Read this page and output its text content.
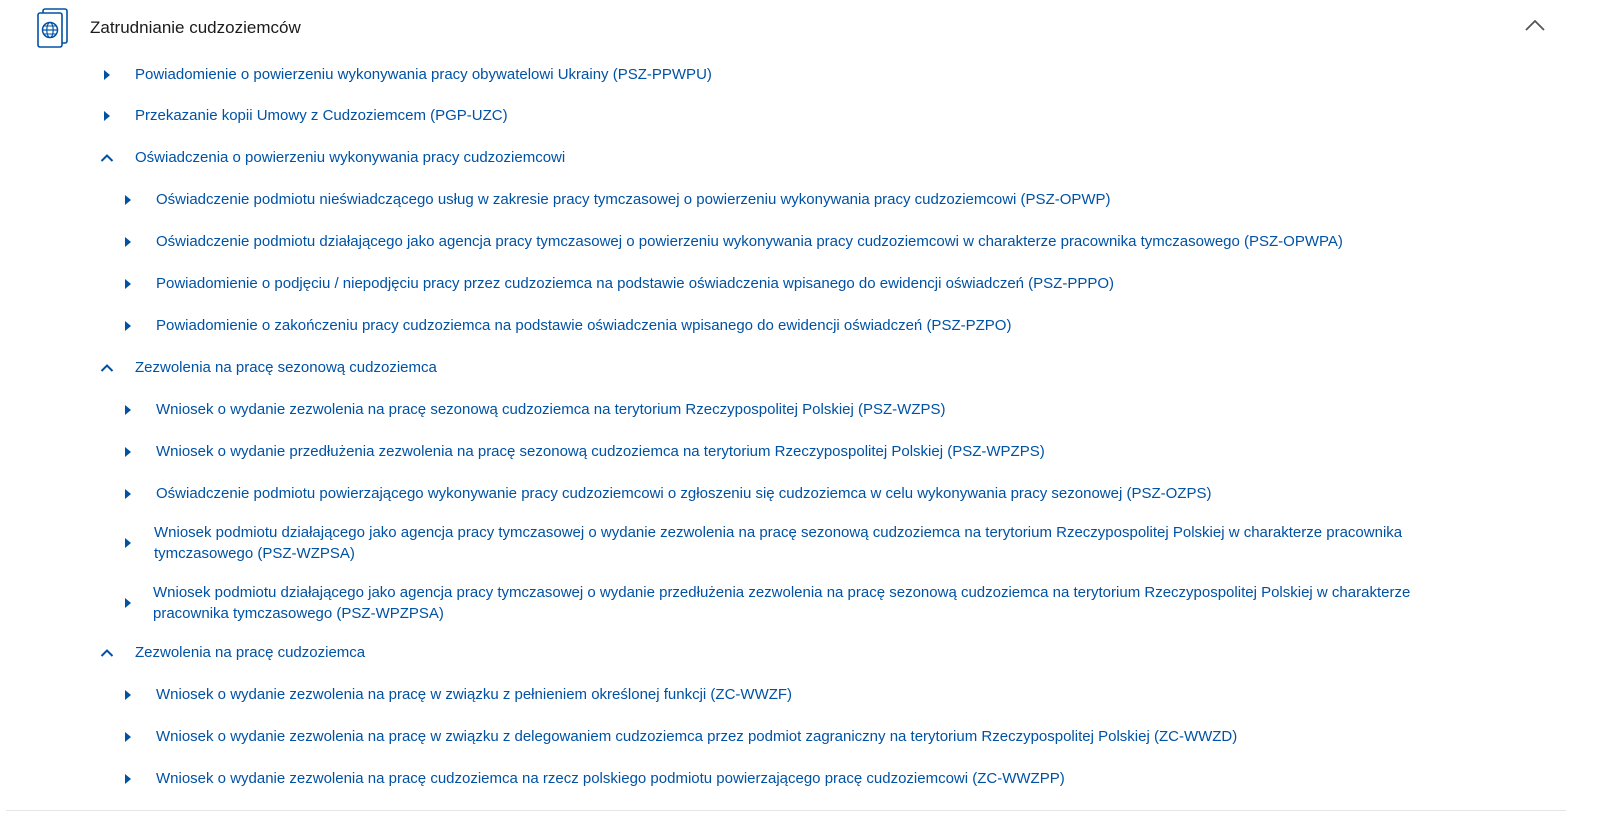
Zatrudnianie cudzoziemców
Powiadomienie o powierzeniu wykonywania pracy obywatelowi Ukrainy (PSZ-PPWPU)
Przekazanie kopii Umowy z Cudzoziemcem (PGP-UZC)
Oświadczenia o powierzeniu wykonywania pracy cudzoziemcowi
Oświadczenie podmiotu nieświadczącego usług w zakresie pracy tymczasowej o powierzeniu wykonywania pracy cudzoziemcowi (PSZ-OPWP)
Oświadczenie podmiotu działającego jako agencja pracy tymczasowej o powierzeniu wykonywania pracy cudzoziemcowi w charakterze pracownika tymczasowego (PSZ-OPWPA)
Powiadomienie o podjęciu / niepodjęciu pracy przez cudzoziemca na podstawie oświadczenia wpisanego do ewidencji oświadczeń (PSZ-PPPO)
Powiadomienie o zakończeniu pracy cudzoziemca na podstawie oświadczenia wpisanego do ewidencji oświadczeń (PSZ-PZPO)
Zezwolenia na pracę sezonową cudzoziemca
Wniosek o wydanie zezwolenia na pracę sezonową cudzoziemca na terytorium Rzeczypospolitej Polskiej (PSZ-WZPS)
Wniosek o wydanie przedłużenia zezwolenia na pracę sezonową cudzoziemca na terytorium Rzeczypospolitej Polskiej (PSZ-WPZPS)
Oświadczenie podmiotu powierzającego wykonywanie pracy cudzoziemcowi o zgłoszeniu się cudzoziemca w celu wykonywania pracy sezonowej (PSZ-OZPS)
Wniosek podmiotu działającego jako agencja pracy tymczasowej o wydanie zezwolenia na pracę sezonową cudzoziemca na terytorium Rzeczypospolitej Polskiej w charakterze pracownika tymczasowego (PSZ-WZPSA)
Wniosek podmiotu działającego jako agencja pracy tymczasowej o wydanie przedłużenia zezwolenia na pracę sezonową cudzoziemca na terytorium Rzeczypospolitej Polskiej w charakterze pracownika tymczasowego (PSZ-WPZPSA)
Zezwolenia na pracę cudzoziemca
Wniosek o wydanie zezwolenia na pracę w związku z pełnieniem określonej funkcji (ZC-WWZF)
Wniosek o wydanie zezwolenia na pracę w związku z delegowaniem cudzoziemca przez podmiot zagraniczny na terytorium Rzeczypospolitej Polskiej (ZC-WWZD)
Wniosek o wydanie zezwolenia na pracę cudzoziemca na rzecz polskiego podmiotu powierzającego pracę cudzoziemcowi (ZC-WWZPP)
